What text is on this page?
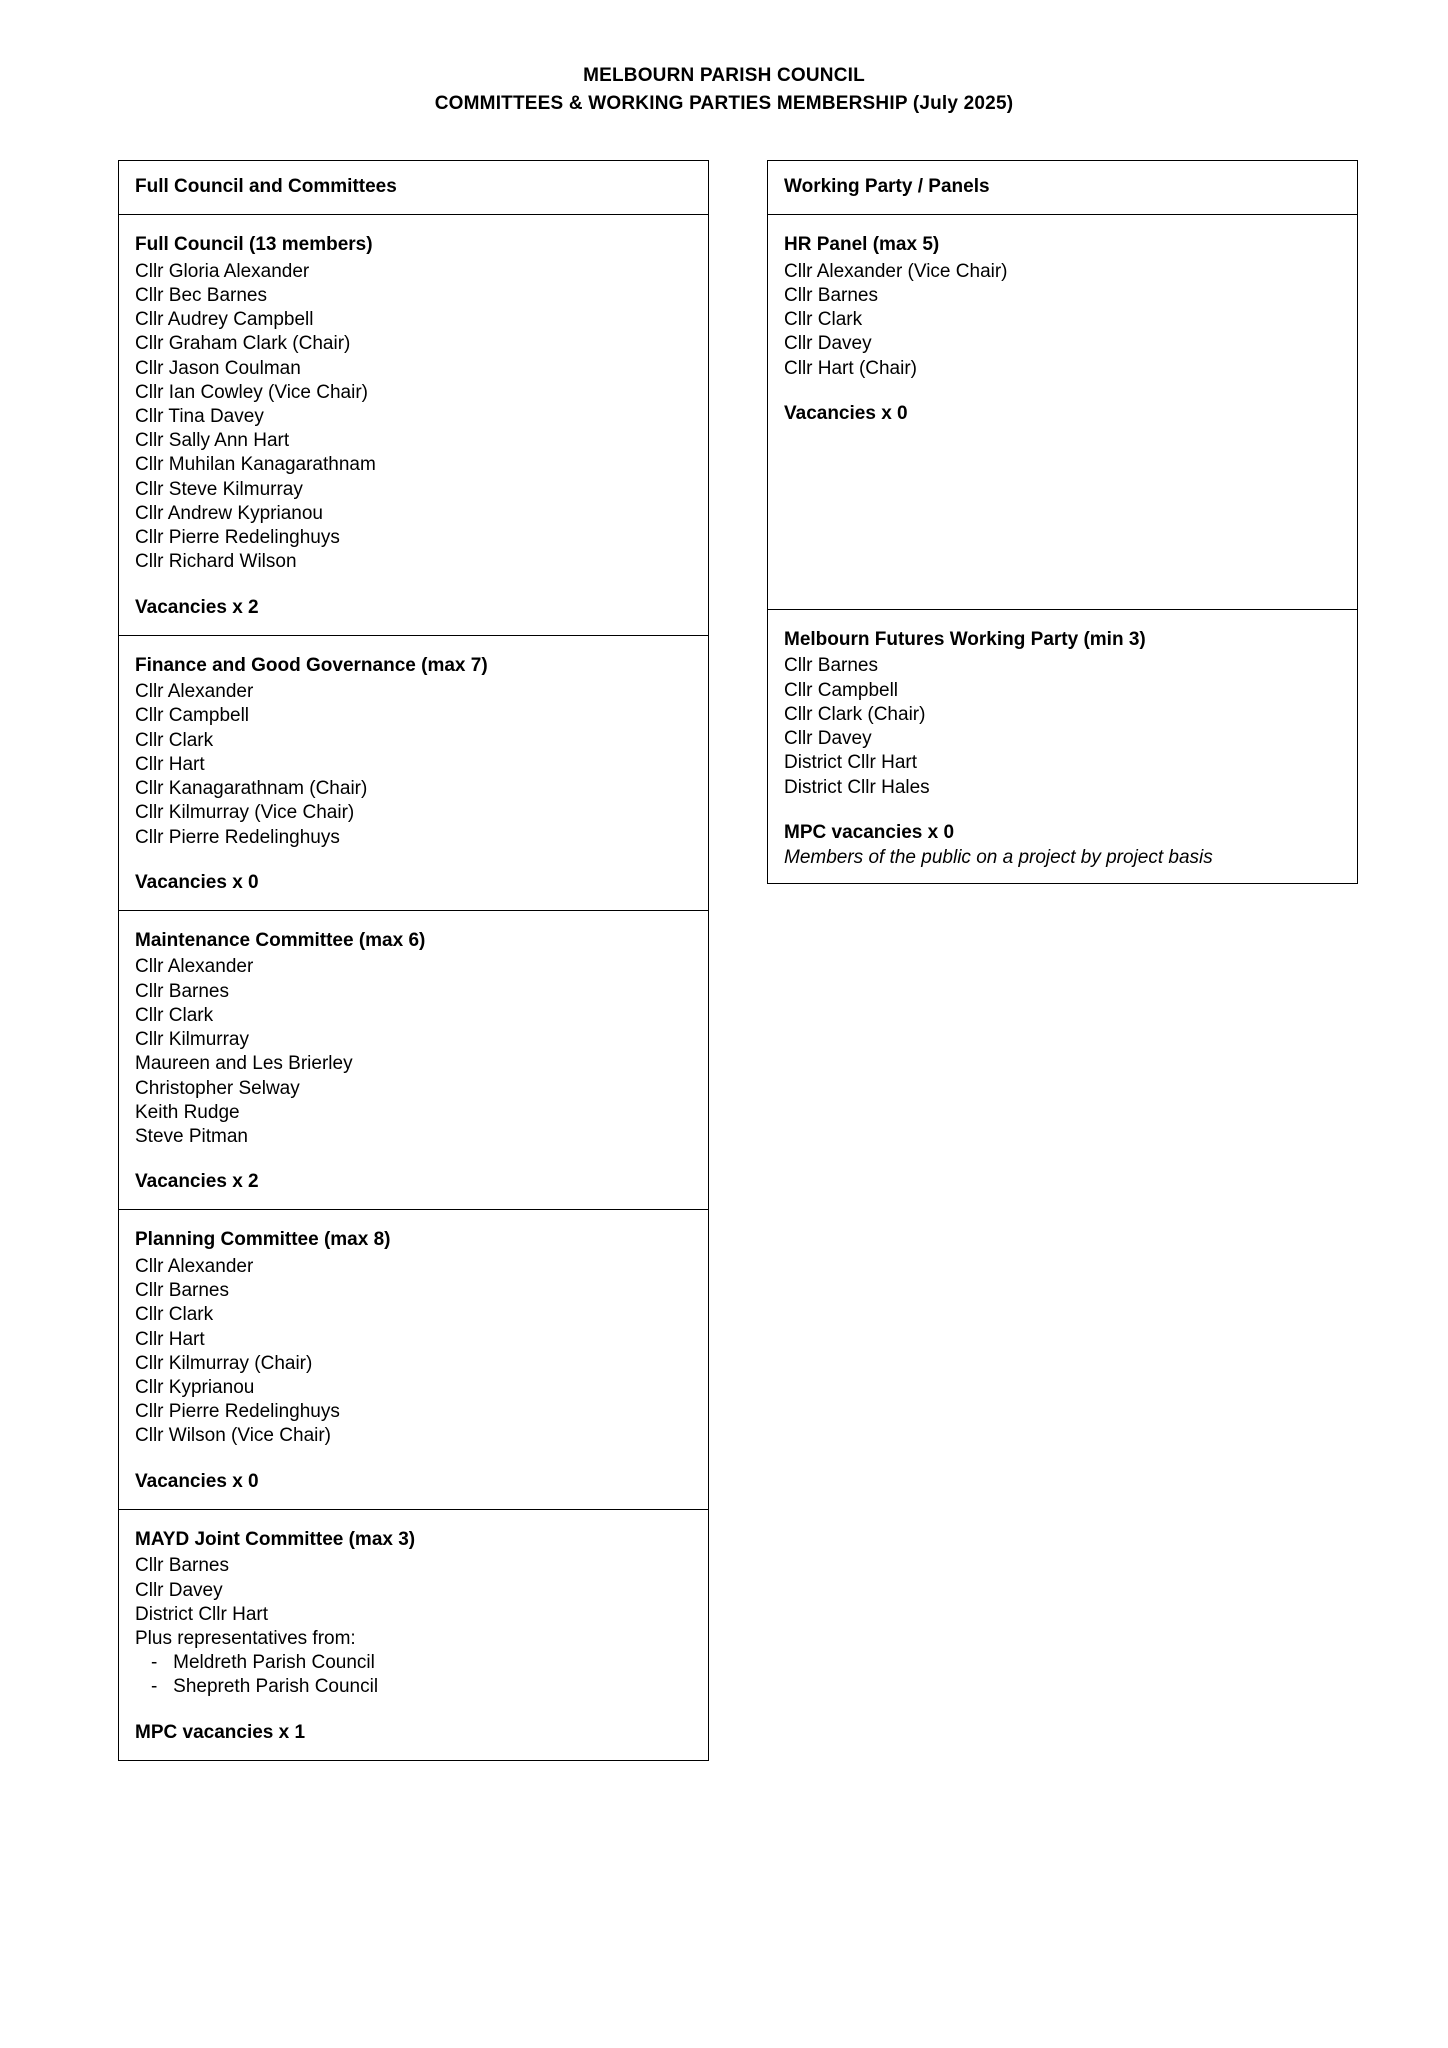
MELBOURN PARISH COUNCIL
COMMITTEES & WORKING PARTIES MEMBERSHIP (July 2025)
Full Council and Committees
Full Council (13 members)
Cllr Gloria Alexander
Cllr Bec Barnes
Cllr Audrey Campbell
Cllr Graham Clark (Chair)
Cllr Jason Coulman
Cllr Ian Cowley (Vice Chair)
Cllr Tina Davey
Cllr Sally Ann Hart
Cllr Muhilan Kanagarathnam
Cllr Steve Kilmurray
Cllr Andrew Kyprianou
Cllr Pierre Redelinghuys
Cllr Richard Wilson
Vacancies x 2
Finance and Good Governance (max 7)
Cllr Alexander
Cllr Campbell
Cllr Clark
Cllr Hart
Cllr Kanagarathnam (Chair)
Cllr Kilmurray (Vice Chair)
Cllr Pierre Redelinghuys
Vacancies x 0
Maintenance Committee (max 6)
Cllr Alexander
Cllr Barnes
Cllr Clark
Cllr Kilmurray
Maureen and Les Brierley
Christopher Selway
Keith Rudge
Steve Pitman
Vacancies x 2
Planning Committee (max 8)
Cllr Alexander
Cllr Barnes
Cllr Clark
Cllr Hart
Cllr Kilmurray (Chair)
Cllr Kyprianou
Cllr Pierre Redelinghuys
Cllr Wilson (Vice Chair)
Vacancies x 0
MAYD Joint Committee (max 3)
Cllr Barnes
Cllr Davey
District Cllr Hart
Plus representatives from:
-   Meldreth Parish Council
-   Shepreth Parish Council
MPC vacancies x 1
Working Party / Panels
HR Panel (max 5)
Cllr Alexander (Vice Chair)
Cllr Barnes
Cllr Clark
Cllr Davey
Cllr Hart (Chair)
Vacancies x 0
Melbourn Futures Working Party (min 3)
Cllr Barnes
Cllr Campbell
Cllr Clark (Chair)
Cllr Davey
District Cllr Hart
District Cllr Hales
MPC vacancies x 0
Members of the public on a project by project basis
